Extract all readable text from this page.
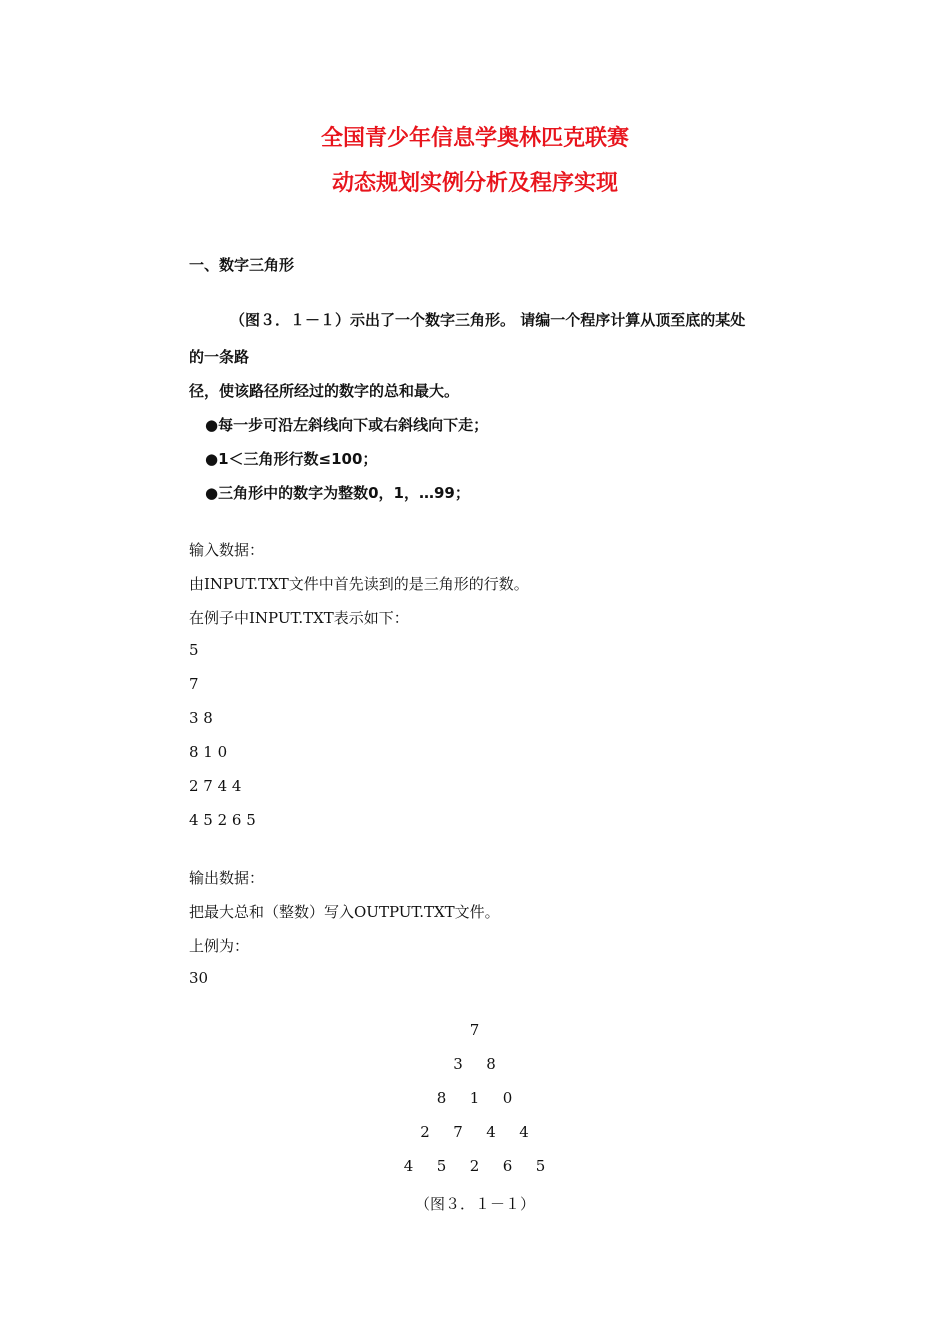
全国青少年信息学奥林匹克联赛
动态规划实例分析及程序实现
一、数字三角形
（图３．１－１）示出了一个数字三角形。 请编一个程序计算从顶至底的某处
的一条路
径，使该路径所经过的数字的总和最大。
●每一步可沿左斜线向下或右斜线向下走；
●1＜三角形行数≤100；
●三角形中的数字为整数0，1，…99；
输入数据：
由INPUT.TXT文件中首先读到的是三角形的行数。
在例子中INPUT.TXT表示如下：
5
7
3 8
8 1 0
2 7 4 4
4 5 2 6 5
输出数据：
把最大总和（整数）写入OUTPUT.TXT文件。
上例为：
30

7

3 8

8 1 0

2 7 4 4

4 5 2 6 5

（图３．１－１）
